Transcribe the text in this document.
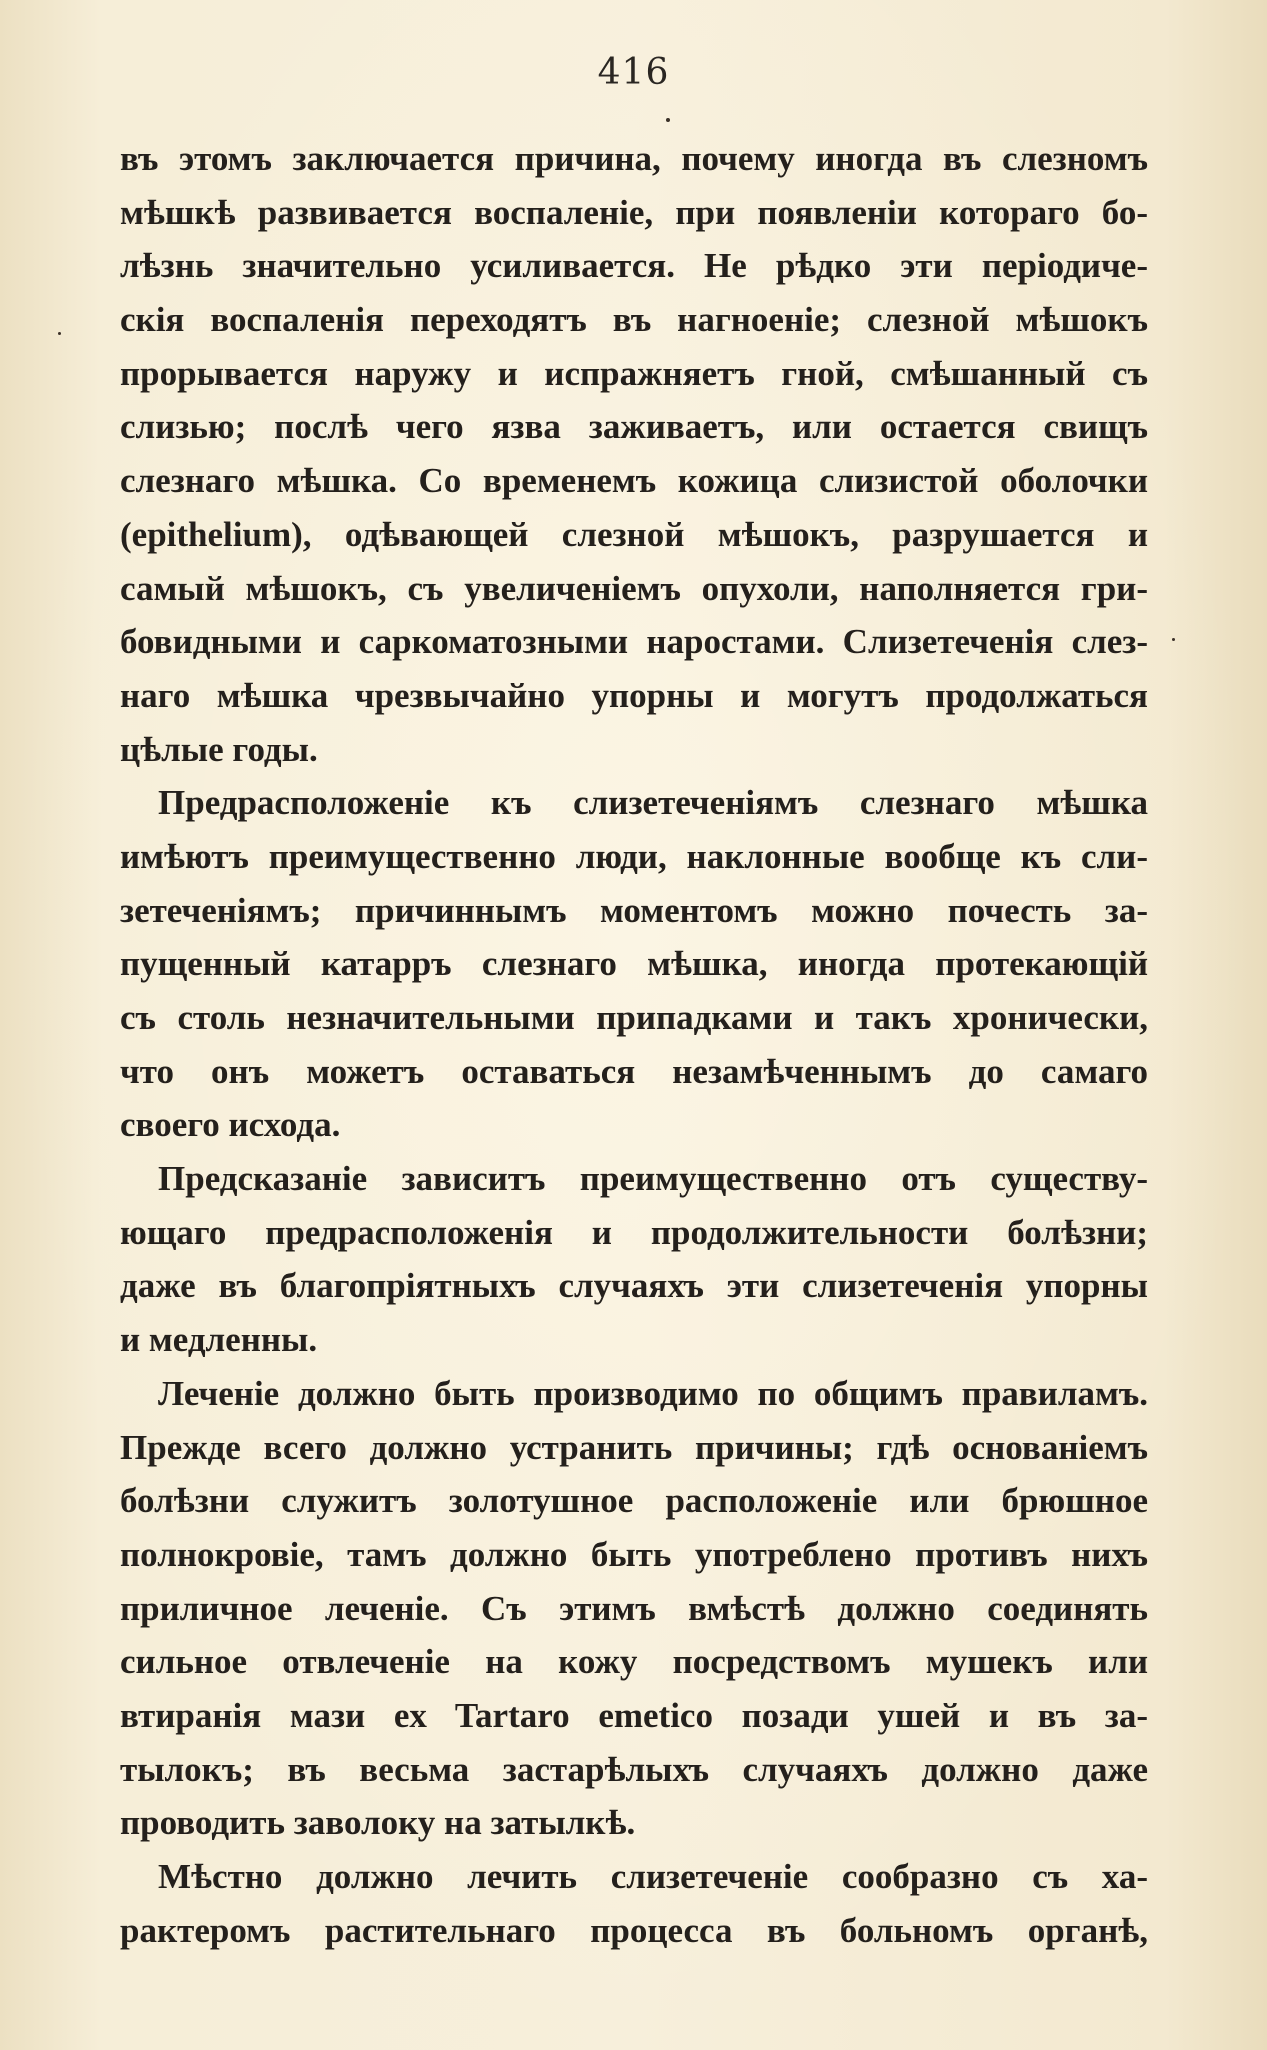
416
въ этомъ заключается причина, почему иногда въ слезномъ
мѣшкѣ развивается воспаленіе, при появленіи котораго бо-
лѣзнь значительно усиливается. Не рѣдко эти періодиче-
скія воспаленія переходятъ въ нагноеніе; слезной мѣшокъ
прорывается наружу и испражняетъ гной, смѣшанный съ
слизью; послѣ чего язва заживаетъ, или остается свищъ
слезнаго мѣшка. Со временемъ кожица слизистой оболочки
(epithelium), одѣвающей слезной мѣшокъ, разрушается и
самый мѣшокъ, съ увеличеніемъ опухоли, наполняется гри-
бовидными и саркоматозными наростами. Слизетеченія слез-
наго мѣшка чрезвычайно упорны и могутъ продолжаться
цѣлые годы.
Предрасположеніе къ слизетеченіямъ слезнаго мѣшка
имѣютъ преимущественно люди, наклонные вообще къ сли-
зетеченіямъ; причиннымъ моментомъ можно почесть за-
пущенный катарръ слезнаго мѣшка, иногда протекающій
съ столь незначительными припадками и такъ хронически,
что онъ можетъ оставаться незамѣченнымъ до самаго
своего исхода.
Предсказаніе зависитъ преимущественно отъ существу-
ющаго предрасположенія и продолжительности болѣзни;
даже въ благопріятныхъ случаяхъ эти слизетеченія упорны
и медленны.
Леченіе должно быть производимо по общимъ правиламъ.
Прежде всего должно устранить причины; гдѣ основаніемъ
болѣзни служитъ золотушное расположеніе или брюшное
полнокровіе, тамъ должно быть употреблено противъ нихъ
приличное леченіе. Съ этимъ вмѣстѣ должно соединять
сильное отвлеченіе на кожу посредствомъ мушекъ или
втиранія мази ex Tartaro emetico позади ушей и въ за-
тылокъ; въ весьма застарѣлыхъ случаяхъ должно даже
проводить заволоку на затылкѣ.
Мѣстно должно лечить слизетеченіе сообразно съ ха-
рактеромъ растительнаго процесса въ больномъ органѣ,
